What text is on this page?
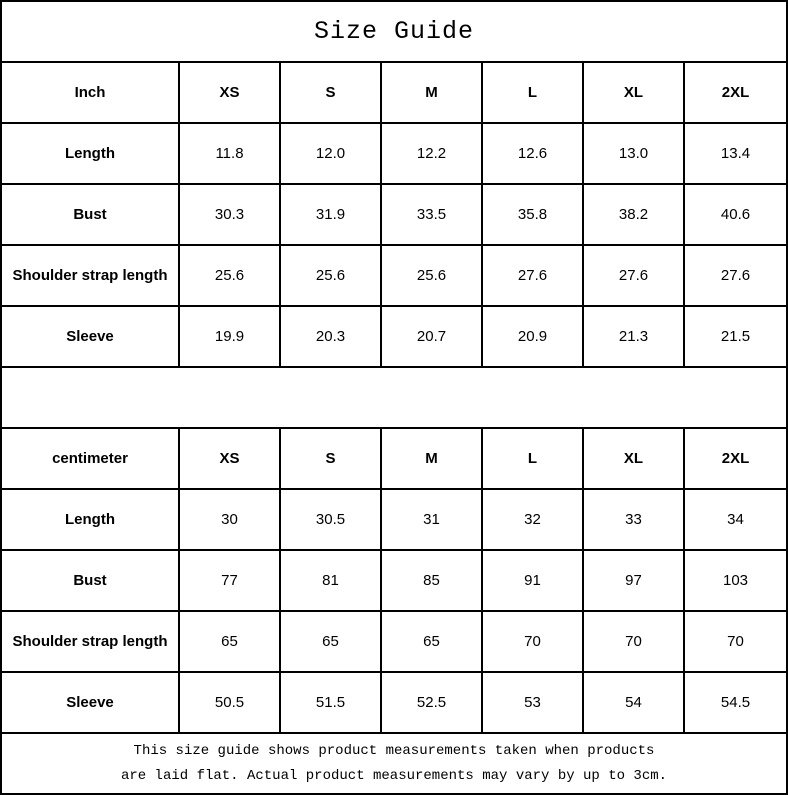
Size Guide
Inch	XS	S	M	L	XL	2XL
Length	11.8	12.0	12.2	12.6	13.0	13.4
Bust	30.3	31.9	33.5	35.8	38.2	40.6
Shoulder strap length	25.6	25.6	25.6	27.6	27.6	27.6
Sleeve	19.9	20.3	20.7	20.9	21.3	21.5
centimeter	XS	S	M	L	XL	2XL
Length	30	30.5	31	32	33	34
Bust	77	81	85	91	97	103
Shoulder strap length	65	65	65	70	70	70
Sleeve	50.5	51.5	52.5	53	54	54.5
This size guide shows product measurements taken when products
are laid flat. Actual product measurements may vary by up to 3cm.
